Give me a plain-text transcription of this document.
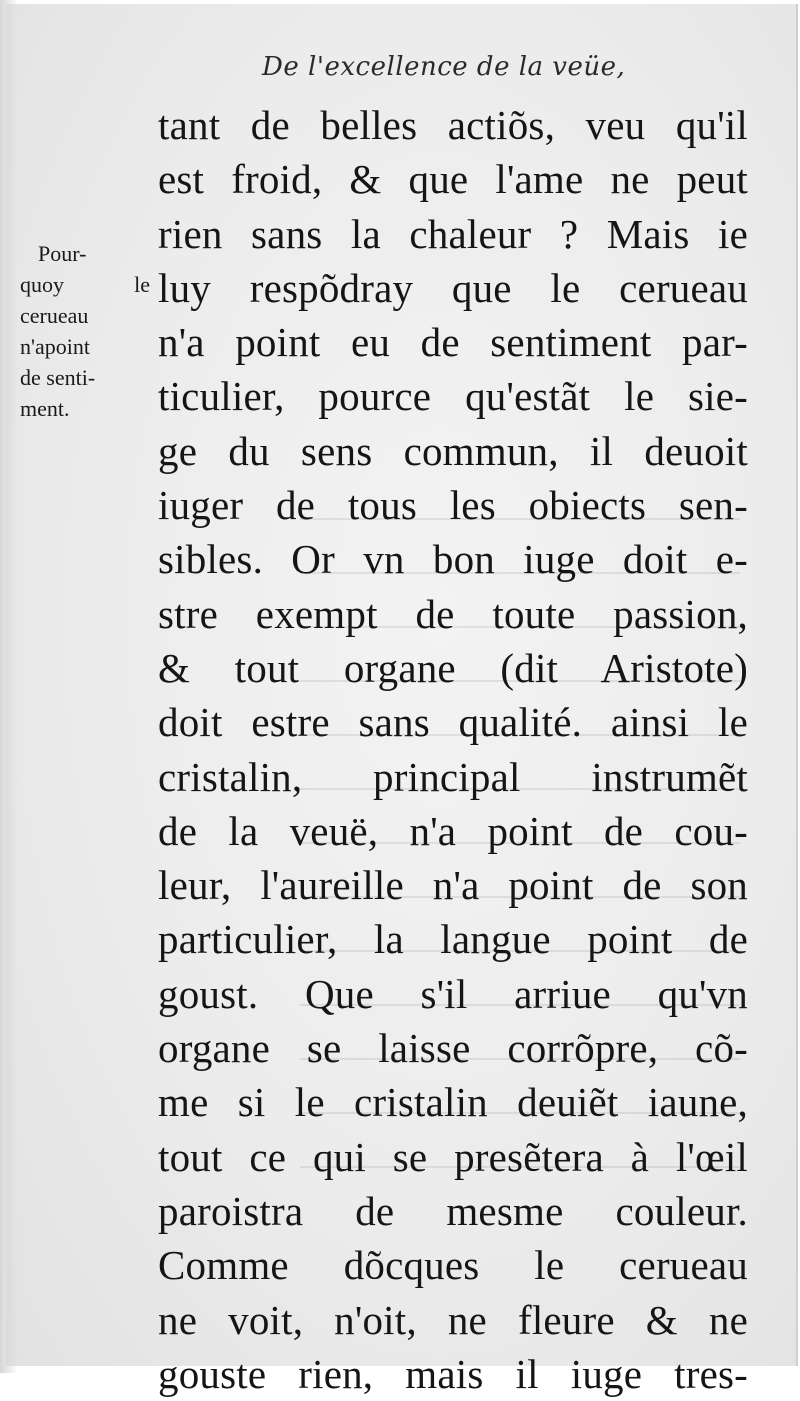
De l'excellence de la veüe,
Pour-
quoy le
cerueau
n'apoint
de senti-
ment.
tant de belles actiõs, veu qu'il
est froid, & que l'ame ne peut
rien sans la chaleur ? Mais ie
luy respõdray que le cerueau
n'a point eu de sentiment par-
ticulier, pource qu'estãt le sie-
ge du sens commun, il deuoit
iuger de tous les obiects sen-
sibles. Or vn bon iuge doit e-
stre exempt de toute passion,
& tout organe (dit Aristote)
doit estre sans qualité. ainsi le
cristalin, principal instrumẽt
de la veuë, n'a point de cou-
leur, l'aureille n'a point de son
particulier, la langue point de
goust. Que s'il arriue qu'vn
organe se laisse corrõpre, cõ-
me si le cristalin deuiẽt iaune,
tout ce qui se presẽtera à l'œil
paroistra de mesme couleur.
Comme dõcques le cerueau
ne voit, n'oit, ne fleure & ne
gouste rien, mais il iuge tres-
